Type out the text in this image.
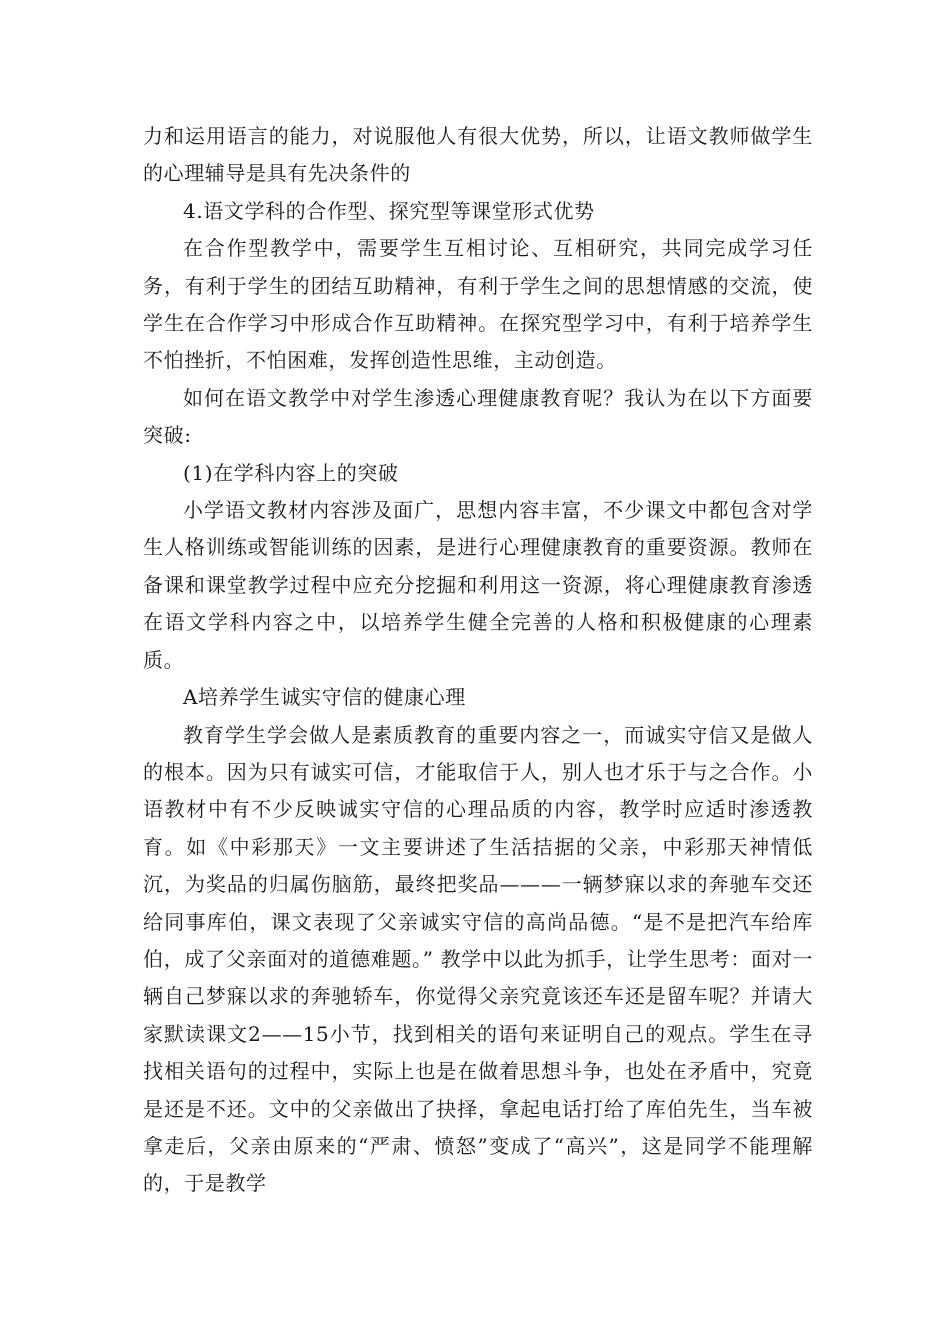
力和运用语言的能力，对说服他人有很大优势，所以，让语文教师做学生的心理辅导是具有先决条件的

4.语文学科的合作型、探究型等课堂形式优势

在合作型教学中，需要学生互相讨论、互相研究，共同完成学习任务，有利于学生的团结互助精神，有利于学生之间的思想情感的交流，使学生在合作学习中形成合作互助精神。在探究型学习中，有利于培养学生不怕挫折，不怕困难，发挥创造性思维，主动创造。

如何在语文教学中对学生渗透心理健康教育呢？我认为在以下方面要突破:

(1)在学科内容上的突破

小学语文教材内容涉及面广，思想内容丰富，不少课文中都包含对学生人格训练或智能训练的因素，是进行心理健康教育的重要资源。教师在备课和课堂教学过程中应充分挖掘和利用这一资源，将心理健康教育渗透在语文学科内容之中，以培养学生健全完善的人格和积极健康的心理素质。

A培养学生诚实守信的健康心理

教育学生学会做人是素质教育的重要内容之一，而诚实守信又是做人的根本。因为只有诚实可信，才能取信于人，别人也才乐于与之合作。小语教材中有不少反映诚实守信的心理品质的内容，教学时应适时渗透教育。如《中彩那天》一文主要讲述了生活拮据的父亲，中彩那天神情低沉，为奖品的归属伤脑筋，最终把奖品———一辆梦寐以求的奔驰车交还给同事库伯，课文表现了父亲诚实守信的高尚品德。“是不是把汽车给库伯，成了父亲面对的道德难题。” 教学中以此为抓手，让学生思考：面对一辆自己梦寐以求的奔驰轿车，你觉得父亲究竟该还车还是留车呢？并请大家默读课文2——15小节，找到相关的语句来证明自己的观点。学生在寻找相关语句的过程中，实际上也是在做着思想斗争，也处在矛盾中，究竟是还是不还。文中的父亲做出了抉择，拿起电话打给了库伯先生，当车被拿走后，父亲由原来的“严肃、愤怒”变成了“高兴”，这是同学不能理解的，于是教学
